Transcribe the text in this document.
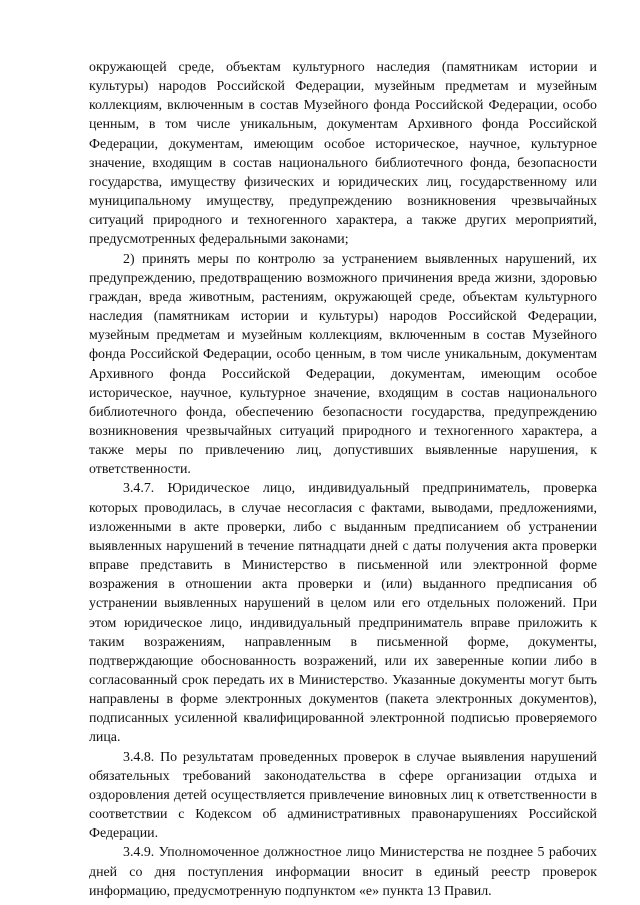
окружающей среде, объектам культурного наследия (памятникам истории и культуры) народов Российской Федерации, музейным предметам и музейным коллекциям, включенным в состав Музейного фонда Российской Федерации, особо ценным, в том числе уникальным, документам Архивного фонда Российской Федерации, документам, имеющим особое историческое, научное, культурное значение, входящим в состав национального библиотечного фонда, безопасности государства, имуществу физических и юридических лиц, государственному или муниципальному имуществу, предупреждению возникновения чрезвычайных ситуаций природного и техногенного характера, а также других мероприятий, предусмотренных федеральными законами;

2) принять меры по контролю за устранением выявленных нарушений, их предупреждению, предотвращению возможного причинения вреда жизни, здоровью граждан, вреда животным, растениям, окружающей среде, объектам культурного наследия (памятникам истории и культуры) народов Российской Федерации, музейным предметам и музейным коллекциям, включенным в состав Музейного фонда Российской Федерации, особо ценным, в том числе уникальным, документам Архивного фонда Российской Федерации, документам, имеющим особое историческое, научное, культурное значение, входящим в состав национального библиотечного фонда, обеспечению безопасности государства, предупреждению возникновения чрезвычайных ситуаций природного и техногенного характера, а также меры по привлечению лиц, допустивших выявленные нарушения, к ответственности.

3.4.7. Юридическое лицо, индивидуальный предприниматель, проверка которых проводилась, в случае несогласия с фактами, выводами, предложениями, изложенными в акте проверки, либо с выданным предписанием об устранении выявленных нарушений в течение пятнадцати дней с даты получения акта проверки вправе представить в Министерство в письменной или электронной форме возражения в отношении акта проверки и (или) выданного предписания об устранении выявленных нарушений в целом или его отдельных положений. При этом юридическое лицо, индивидуальный предприниматель вправе приложить к таким возражениям, направленным в письменной форме, документы, подтверждающие обоснованность возражений, или их заверенные копии либо в согласованный срок передать их в Министерство. Указанные документы могут быть направлены в форме электронных документов (пакета электронных документов), подписанных усиленной квалифицированной электронной подписью проверяемого лица.

3.4.8. По результатам проведенных проверок в случае выявления нарушений обязательных требований законодательства в сфере организации отдыха и оздоровления детей осуществляется привлечение виновных лиц к ответственности в соответствии с Кодексом об административных правонарушениях Российской Федерации.

3.4.9. Уполномоченное должностное лицо Министерства не позднее 5 рабочих дней со дня поступления информации вносит в единый реестр проверок информацию, предусмотренную подпунктом «е» пункта 13 Правил.
